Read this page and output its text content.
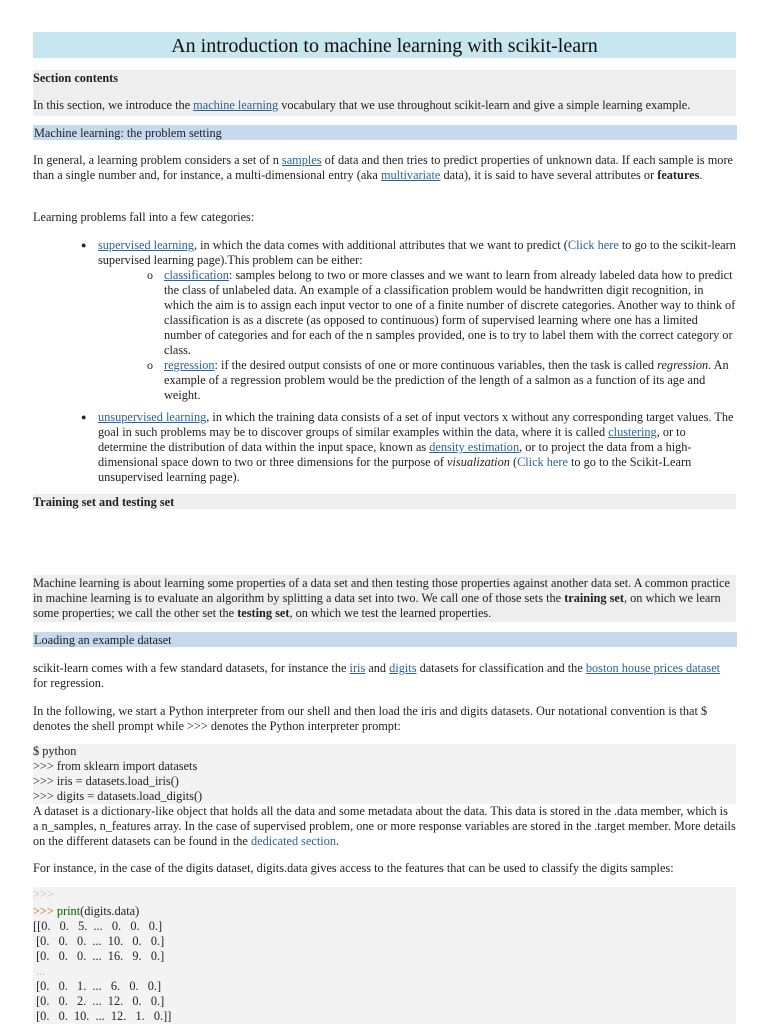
An introduction to machine learning with scikit-learn
Section contents
In this section, we introduce the machine learning vocabulary that we use throughout scikit-learn and give a simple learning example.
Machine learning: the problem setting
In general, a learning problem considers a set of n samples of data and then tries to predict properties of unknown data. If each sample is more than a single number and, for instance, a multi-dimensional entry (aka multivariate data), it is said to have several attributes or features.
Learning problems fall into a few categories:
● supervised learning, in which the data comes with additional attributes that we want to predict (Click here to go to the scikit-learn supervised learning page).This problem can be either:
o classification: samples belong to two or more classes and we want to learn from already labeled data how to predict the class of unlabeled data. An example of a classification problem would be handwritten digit recognition, in which the aim is to assign each input vector to one of a finite number of discrete categories. Another way to think of classification is as a discrete (as opposed to continuous) form of supervised learning where one has a limited number of categories and for each of the n samples provided, one is to try to label them with the correct category or class.
o regression: if the desired output consists of one or more continuous variables, then the task is called regression. An example of a regression problem would be the prediction of the length of a salmon as a function of its age and weight.
● unsupervised learning, in which the training data consists of a set of input vectors x without any corresponding target values. The goal in such problems may be to discover groups of similar examples within the data, where it is called clustering, or to determine the distribution of data within the input space, known as density estimation, or to project the data from a high-dimensional space down to two or three dimensions for the purpose of visualization (Click here to go to the Scikit-Learn unsupervised learning page).
Training set and testing set
Machine learning is about learning some properties of a data set and then testing those properties against another data set. A common practice in machine learning is to evaluate an algorithm by splitting a data set into two. We call one of those sets the training set, on which we learn some properties; we call the other set the testing set, on which we test the learned properties.
Loading an example dataset
scikit-learn comes with a few standard datasets, for instance the iris and digits datasets for classification and the boston house prices dataset for regression.
In the following, we start a Python interpreter from our shell and then load the iris and digits datasets. Our notational convention is that $ denotes the shell prompt while >>> denotes the Python interpreter prompt:
$ python
>>> from sklearn import datasets
>>> iris = datasets.load_iris()
>>> digits = datasets.load_digits()
A dataset is a dictionary-like object that holds all the data and some metadata about the data. This data is stored in the .data member, which is a n_samples, n_features array. In the case of supervised problem, one or more response variables are stored in the .target member. More details on the different datasets can be found in the dedicated section.
For instance, in the case of the digits dataset, digits.data gives access to the features that can be used to classify the digits samples:
>>>
>>> print(digits.data)
[[0.   0.   5.  ...   0.   0.   0.]
[0.   0.   0.  ...  10.   0.   0.]
[0.   0.   0.  ...  16.   9.   0.]
...
[0.   0.   1.  ...   6.   0.   0.]
[0.   0.   2.  ...  12.   0.   0.]
[0.   0.  10.  ...  12.   1.   0.]]
